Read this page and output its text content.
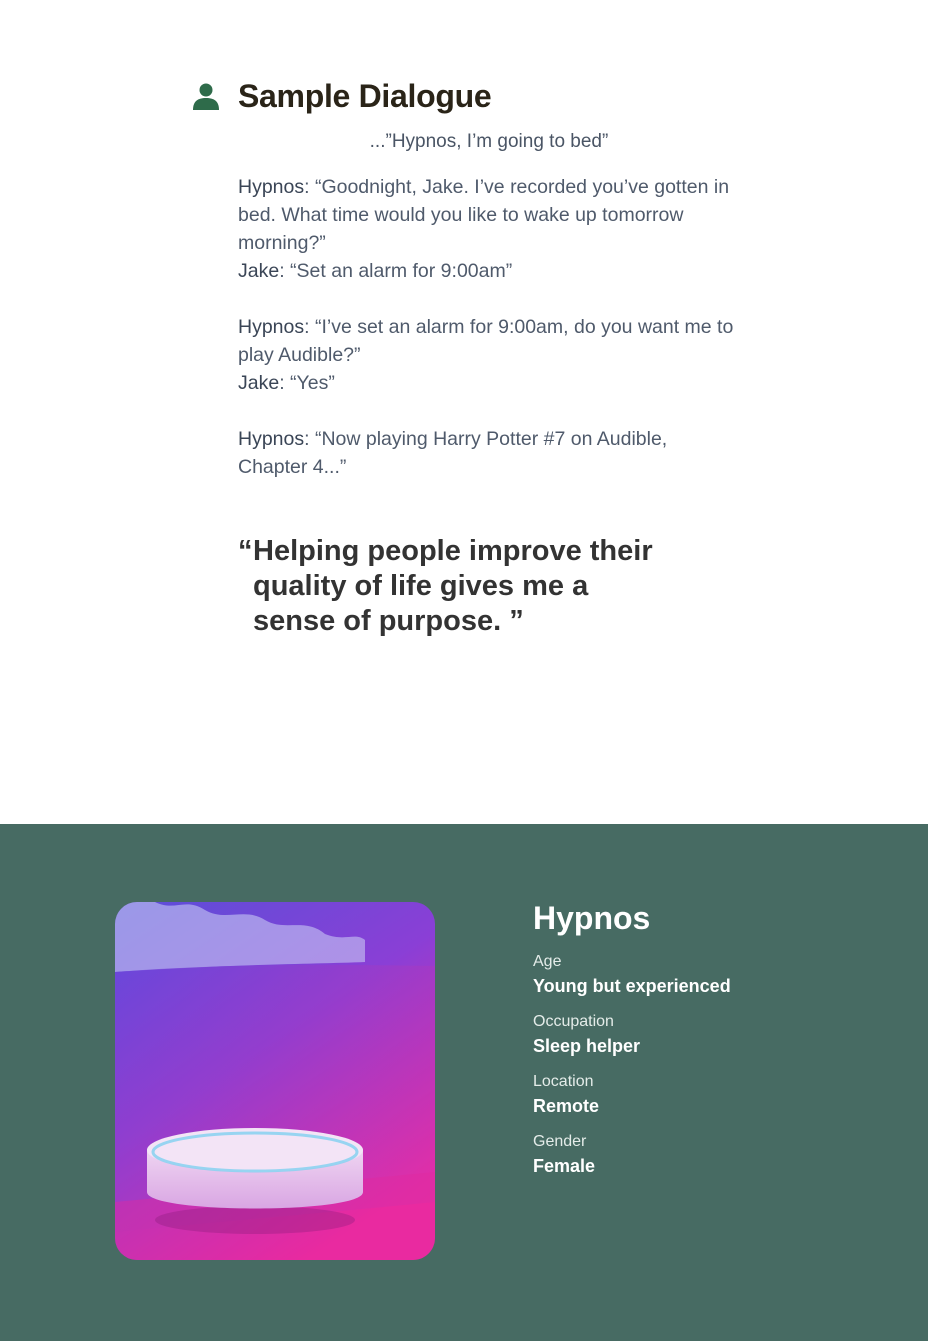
Sample Dialogue
...”Hypnos, I’m going to bed”

Hypnos: “Goodnight, Jake. I’ve recorded you’ve gotten in bed. What time would you like to wake up tomorrow morning?”

Jake: “Set an alarm for 9:00am”

Hypnos: “I’ve set an alarm for 9:00am, do you want me to play Audible?”

Jake: “Yes”

Hypnos: “Now playing Harry Potter #7 on Audible, Chapter 4...”

“ Helping people improve their quality of life gives me a sense of purpose. ”
Hypnos
Age
Young but experienced
Occupation
Sleep helper
Location
Remote
Gender
Female
